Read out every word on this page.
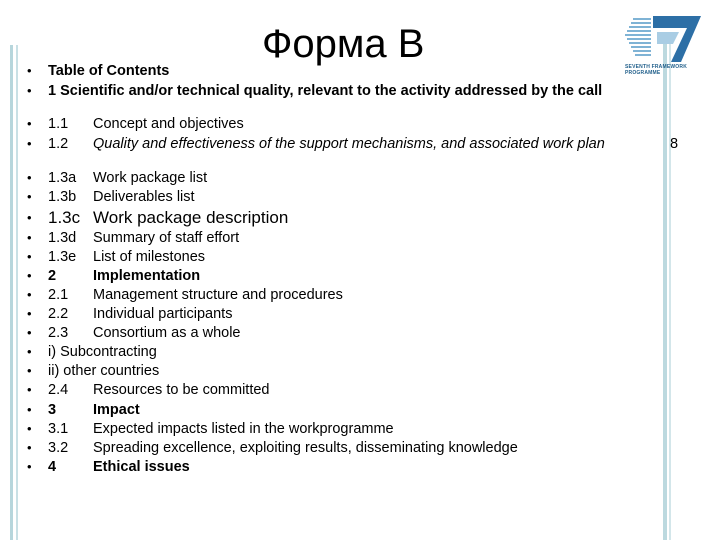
Форма В
SEVENTH FRAMEWORK PROGRAMME
• Table of Contents
• 1 Scientific and/or technical quality, relevant to the activity addressed by the call
• 1.1 Concept and objectives
• 1.2 Quality and effectiveness of the support mechanisms, and associated work plan	8
• 1.3a Work package list
• 1.3b Deliverables list
• 1.3c Work package description
• 1.3d Summary of staff effort
• 1.3e List of milestones
• 2	Implementation
• 2.1 Management structure and procedures
• 2.2 Individual participants
• 2.3 Consortium as a whole
• i) Subcontracting
• ii) other countries
• 2.4 Resources to be committed
• 3	Impact
• 3.1 Expected impacts listed in the workprogramme
• 3.2 Spreading excellence, exploiting results, disseminating knowledge
• 4	Ethical issues
